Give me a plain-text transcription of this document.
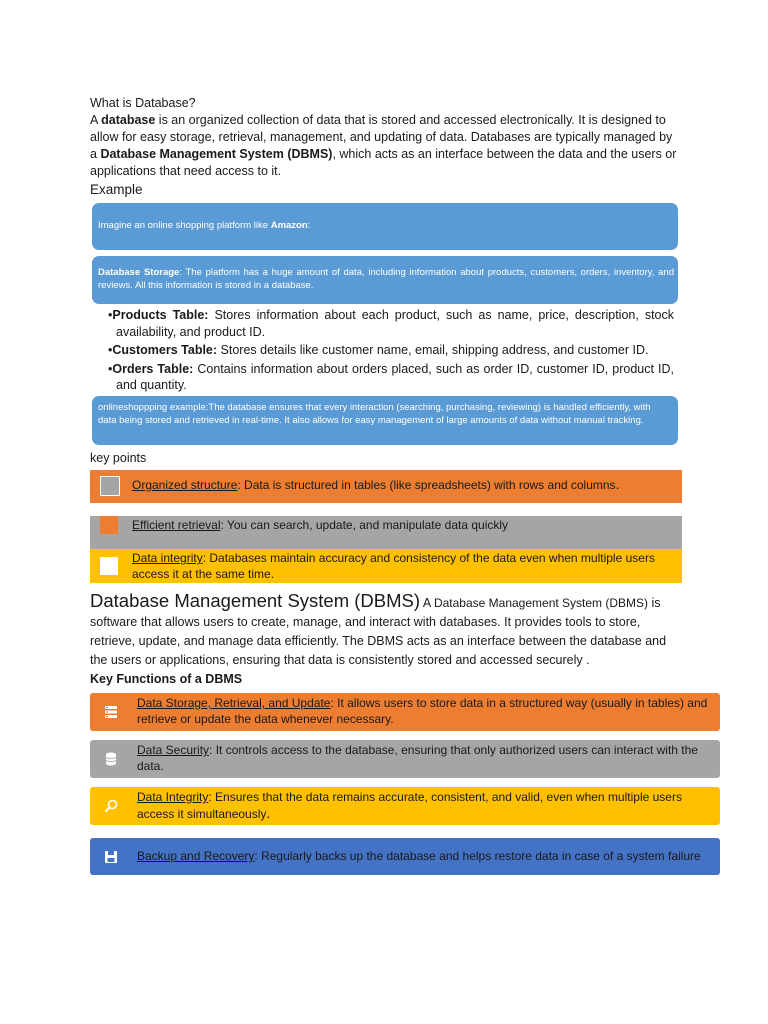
What is Database?
A database is an organized collection of data that is stored and accessed electronically. It is designed to allow for easy storage, retrieval, management, and updating of data. Databases are typically managed by a Database Management System (DBMS), which acts as an interface between the data and the users or applications that need access to it.
Example
Imagine an online shopping platform like Amazon:
Database Storage: The platform has a huge amount of data, including information about products, customers, orders, inventory, and reviews. All this information is stored in a database.
•Products Table: Stores information about each product, such as name, price, description, stock availability, and product ID.
•Customers Table: Stores details like customer name, email, shipping address, and customer ID.
•Orders Table: Contains information about orders placed, such as order ID, customer ID, product ID, and quantity.
onlineshoppping example:The database ensures that every interaction (searching, purchasing, reviewing) is handled efficiently, with data being stored and retrieved in real-time. It also allows for easy management of large amounts of data without manual tracking.
key points
Organized structure: Data is structured in tables (like spreadsheets) with rows and columns.
Efficient retrieval: You can search, update, and manipulate data quickly
Data integrity: Databases maintain accuracy and consistency of the data even when multiple users access it at the same time.
Database Management System (DBMS) A Database Management System (DBMS) is software that allows users to create, manage, and interact with databases. It provides tools to store, retrieve, update, and manage data efficiently. The DBMS acts as an interface between the database and the users or applications, ensuring that data is consistently stored and accessed securely .
Key Functions of a DBMS
Data Storage, Retrieval, and Update: It allows users to store data in a structured way (usually in tables) and retrieve or update the data whenever necessary.
Data Security: It controls access to the database, ensuring that only authorized users can interact with the data.
Data Integrity: Ensures that the data remains accurate, consistent, and valid, even when multiple users access it simultaneously.
Backup and Recovery: Regularly backs up the database and helps restore data in case of a system failure
